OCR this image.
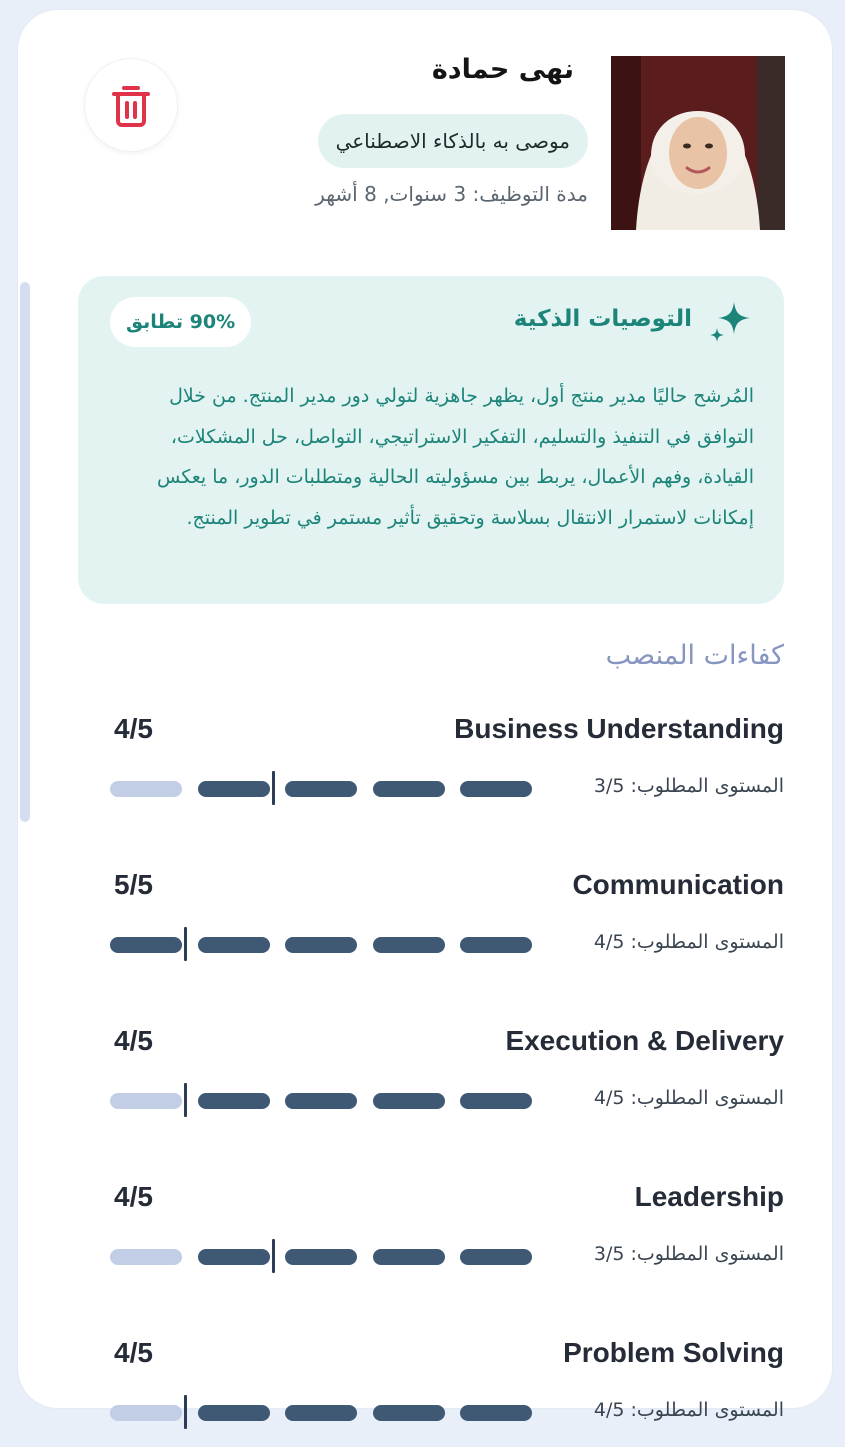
نهى حمادة
موصى به بالذكاء الاصطناعي
مدة التوظيف: 3 سنوات, 8 أشهر
التوصيات الذكية
90% تطابق

المُرشح حاليًا مدير منتج أول، يظهر جاهزية لتولي دور مدير المنتج. من خلال التوافق في التنفيذ والتسليم، التفكير الاستراتيجي، التواصل، حل المشكلات، القيادة، وفهم الأعمال، يربط بين مسؤوليته الحالية ومتطلبات الدور، ما يعكس إمكانات لاستمرار الانتقال بسلاسة وتحقيق تأثير مستمر في تطوير المنتج.

كفاءات المنصب
Business Understanding
4/5
المستوى المطلوب: 3/5
Communication
5/5
المستوى المطلوب: 4/5
Execution & Delivery
4/5
المستوى المطلوب: 4/5
Leadership
4/5
المستوى المطلوب: 3/5
Problem Solving
4/5
المستوى المطلوب: 4/5
